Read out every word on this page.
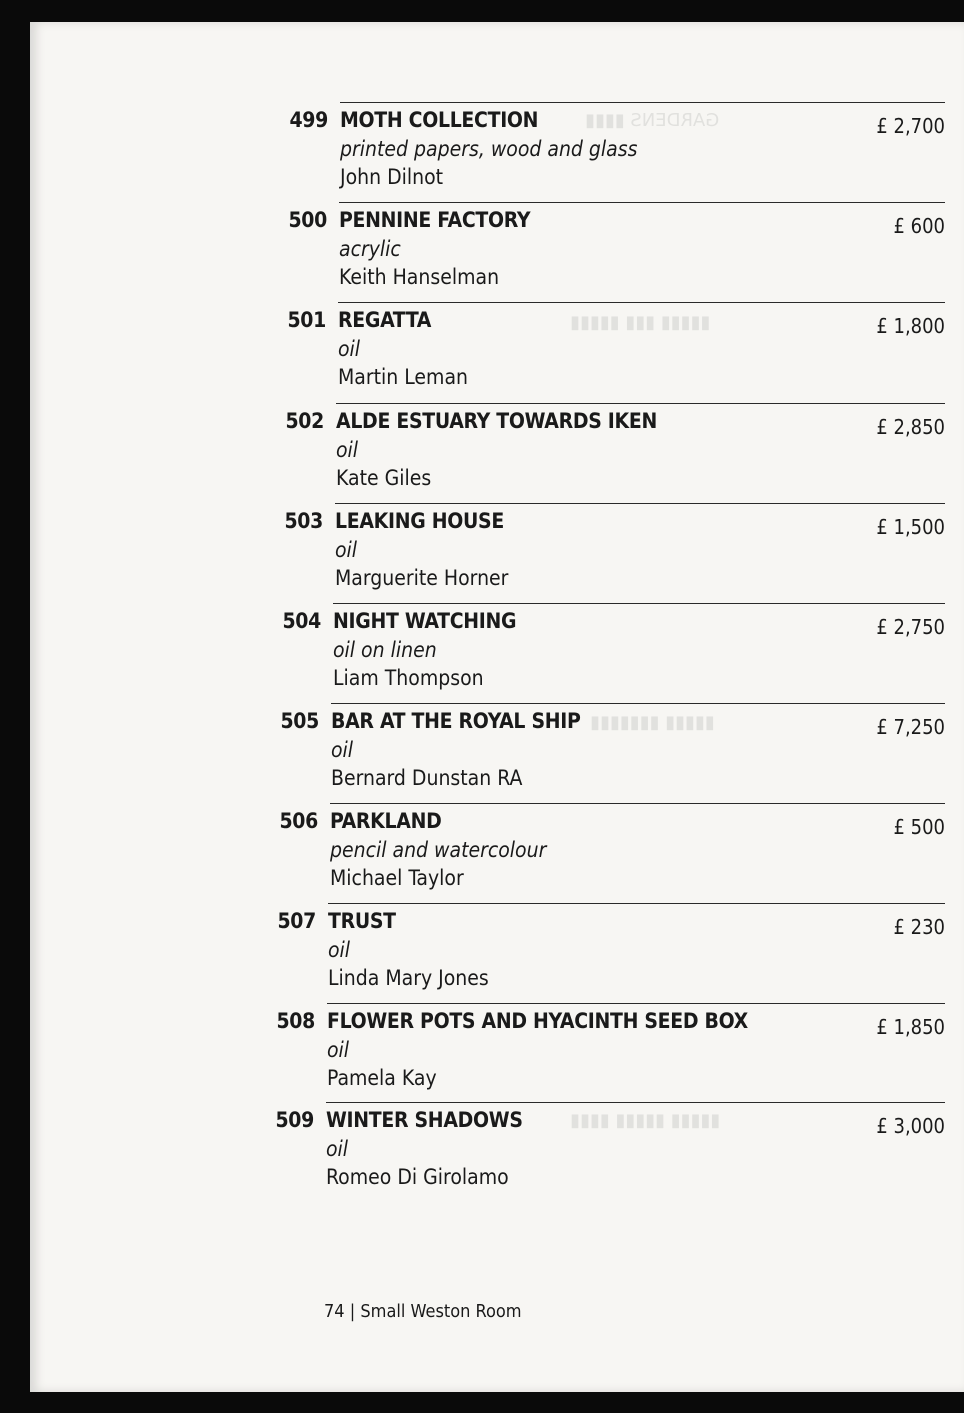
GARDENS ▮▮▮▮
▮▮▮▮▮ ▮▮▮ ▮▮▮▮▮
▮▮▮▮▮ ▮▮▮▮▮▮▮
▮▮▮▮▮ ▮▮▮▮▮ ▮▮▮▮
499 MOTH COLLECTION
printed papers, wood and glass
John Dilnot
£ 2,700
500 PENNINE FACTORY
acrylic
Keith Hanselman
£ 600
501 REGATTA
oil
Martin Leman
£ 1,800
502 ALDE ESTUARY TOWARDS IKEN
oil
Kate Giles
£ 2,850
503 LEAKING HOUSE
oil
Marguerite Horner
£ 1,500
504 NIGHT WATCHING
oil on linen
Liam Thompson
£ 2,750
505 BAR AT THE ROYAL SHIP
oil
Bernard Dunstan RA
£ 7,250
506 PARKLAND
pencil and watercolour
Michael Taylor
£ 500
507 TRUST
oil
Linda Mary Jones
£ 230
508 FLOWER POTS AND HYACINTH SEED BOX
oil
Pamela Kay
£ 1,850
509 WINTER SHADOWS
oil
Romeo Di Girolamo
£ 3,000
74 | Small Weston Room
